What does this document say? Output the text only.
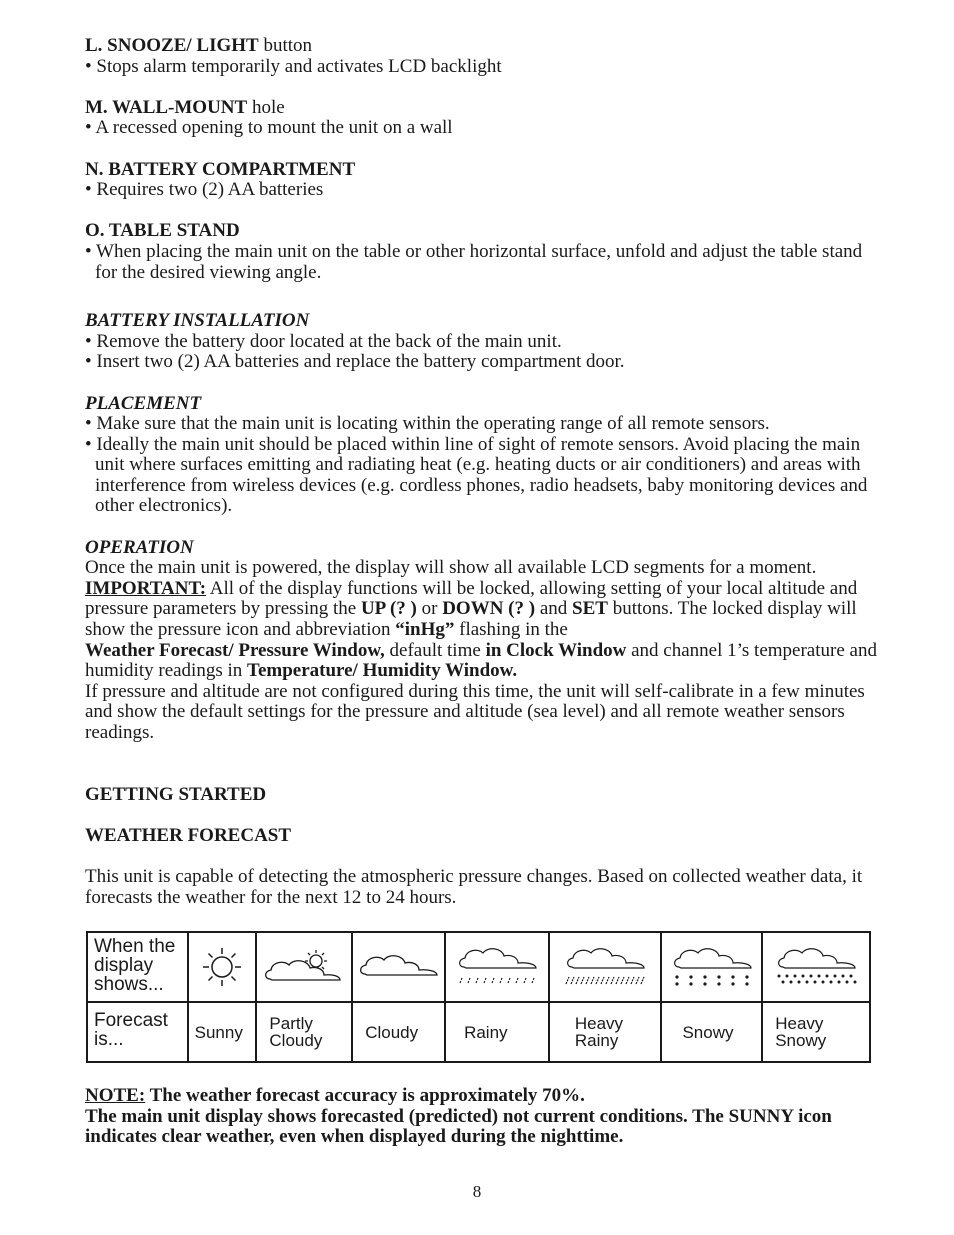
L. SNOOZE/ LIGHT button

• Stops alarm temporarily and activates LCD backlight

M. WALL-MOUNT hole

• A recessed opening to mount the unit on a wall

N. BATTERY COMPARTMENT

• Requires two (2) AA batteries

O. TABLE STAND

• When placing the main unit on the table or other horizontal surface, unfold and adjust the table stand for the desired viewing angle.

BATTERY INSTALLATION

• Remove the battery door located at the back of the main unit.

• Insert two (2) AA batteries and replace the battery compartment door.

PLACEMENT

• Make sure that the main unit is locating within the operating range of all remote sensors.

• Ideally the main unit should be placed within line of sight of remote sensors. Avoid placing the main unit where surfaces emitting and radiating heat (e.g. heating ducts or air conditioners) and areas with interference from wireless devices (e.g. cordless phones, radio headsets, baby monitoring devices and other electronics).

OPERATION

Once the main unit is powered, the display will show all available LCD segments for a moment.

IMPORTANT: All of the display functions will be locked, allowing setting of your local altitude and pressure parameters by pressing the UP (? ) or DOWN (? ) and SET buttons. The locked display will show the pressure icon and abbreviation “inHg” flashing in the
Weather Forecast/ Pressure Window, default time in Clock Window and channel 1’s temperature and humidity readings in Temperature/ Humidity Window.

If pressure and altitude are not configured during this time, the unit will self-calibrate in a few minutes and show the default settings for the pressure and altitude (sea level) and all remote weather sensors readings.

GETTING STARTED

WEATHER FORECAST

This unit is capable of detecting the atmospheric pressure changes. Based on collected weather data, it forecasts the weather for the next 12 to 24 hours.

When the display shows...	

Forecast is...	Sunny	Partly Cloudy	Cloudy	Rainy	Heavy Rainy	Snowy	Heavy Snowy
NOTE: The weather forecast accuracy is approximately 70%.
The main unit display shows forecasted (predicted) not current conditions. The SUNNY icon indicates clear weather, even when displayed during the nighttime.
8
